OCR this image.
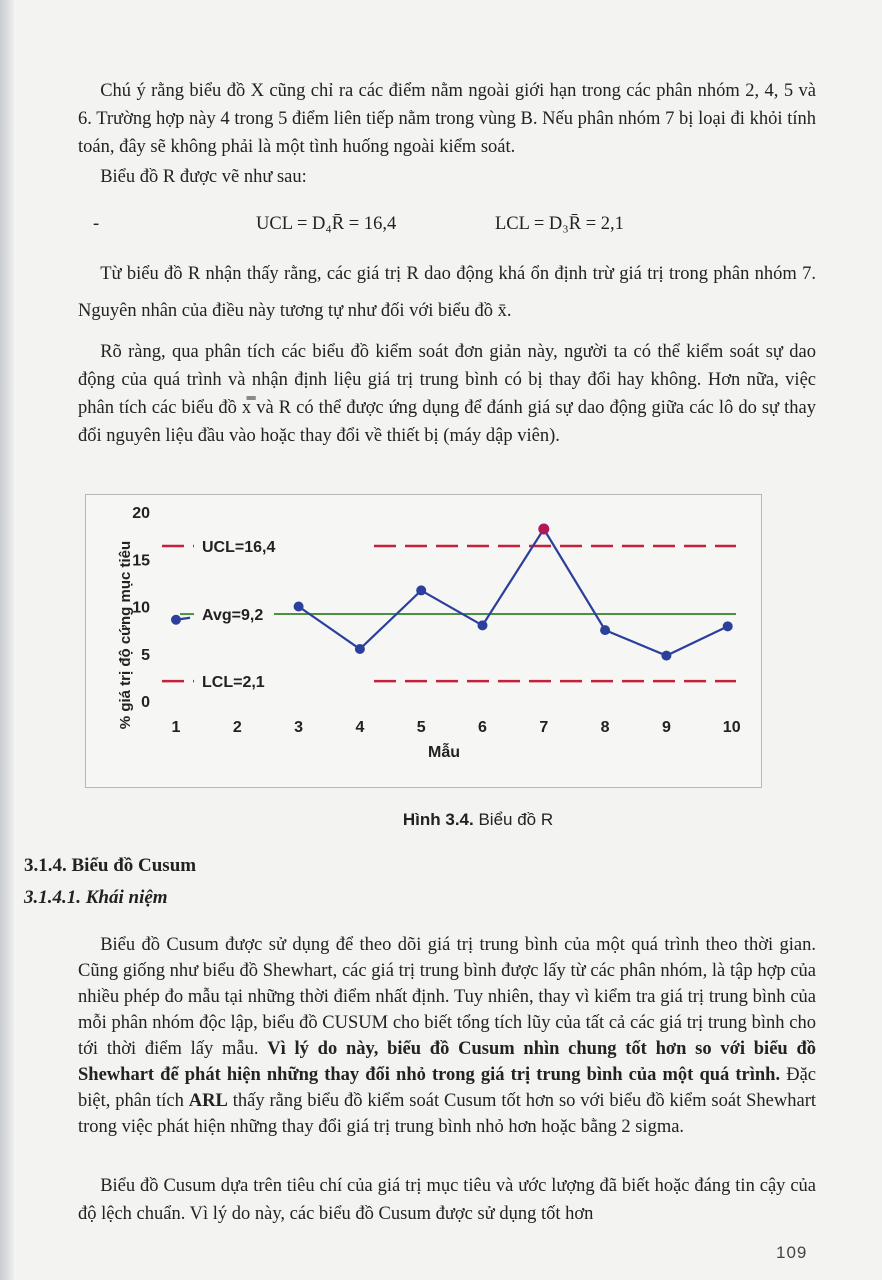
Chú ý rằng biểu đồ X cũng chỉ ra các điểm nằm ngoài giới hạn trong các phân nhóm 2, 4, 5 và 6. Trường hợp này 4 trong 5 điểm liên tiếp nằm trong vùng B. Nếu phân nhóm 7 bị loại đi khỏi tính toán, đây sẽ không phải là một tình huống ngoài kiểm soát.

Biểu đồ R được vẽ như sau:

-	UCL = D₄R̄ = 16,4	LCL = D₃R̄ = 2,1

Từ biểu đồ R nhận thấy rằng, các giá trị R dao động khá ổn định trừ giá trị trong phân nhóm 7. Nguyên nhân của điều này tương tự như đối với biểu đồ x̄.

Rõ ràng, qua phân tích các biểu đồ kiểm soát đơn giản này, người ta có thể kiểm soát sự dao động của quá trình và nhận định liệu giá trị trung bình có bị thay đổi hay không. Hơn nữa, việc phân tích các biểu đồ x̿ và R có thể được ứng dụng để đánh giá sự dao động giữa các lô do sự thay đổi nguyên liệu đầu vào hoặc thay đổi về thiết bị (máy dập viên).

% giá trị độ cứng mục tiêu 0
5
10
15
20
1	2	3	4	5	6	7	8	9	10
UCL=16,4
Avg=9,2
LCL=2,1
Mẫu
Hình 3.4. Biểu đồ R
3.1.4. Biểu đồ Cusum
3.1.4.1. Khái niệm

Biểu đồ Cusum được sử dụng để theo dõi giá trị trung bình của một quá trình theo thời gian. Cũng giống như biểu đồ Shewhart, các giá trị trung bình được lấy từ các phân nhóm, là tập hợp của nhiều phép đo mẫu tại những thời điểm nhất định. Tuy nhiên, thay vì kiểm tra giá trị trung bình của mỗi phân nhóm độc lập, biểu đồ CUSUM cho biết tổng tích lũy của tất cả các giá trị trung bình cho tới thời điểm lấy mẫu. Vì lý do này, biểu đồ Cusum nhìn chung tốt hơn so với biểu đồ Shewhart để phát hiện những thay đổi nhỏ trong giá trị trung bình của một quá trình. Đặc biệt, phân tích ARL thấy rằng biểu đồ kiểm soát Cusum tốt hơn so với biểu đồ kiểm soát Shewhart trong việc phát hiện những thay đổi giá trị trung bình nhỏ hơn hoặc bằng 2 sigma.

Biểu đồ Cusum dựa trên tiêu chí của giá trị mục tiêu và ước lượng đã biết hoặc đáng tin cậy của độ lệch chuẩn. Vì lý do này, các biểu đồ Cusum được sử dụng tốt hơn

109
